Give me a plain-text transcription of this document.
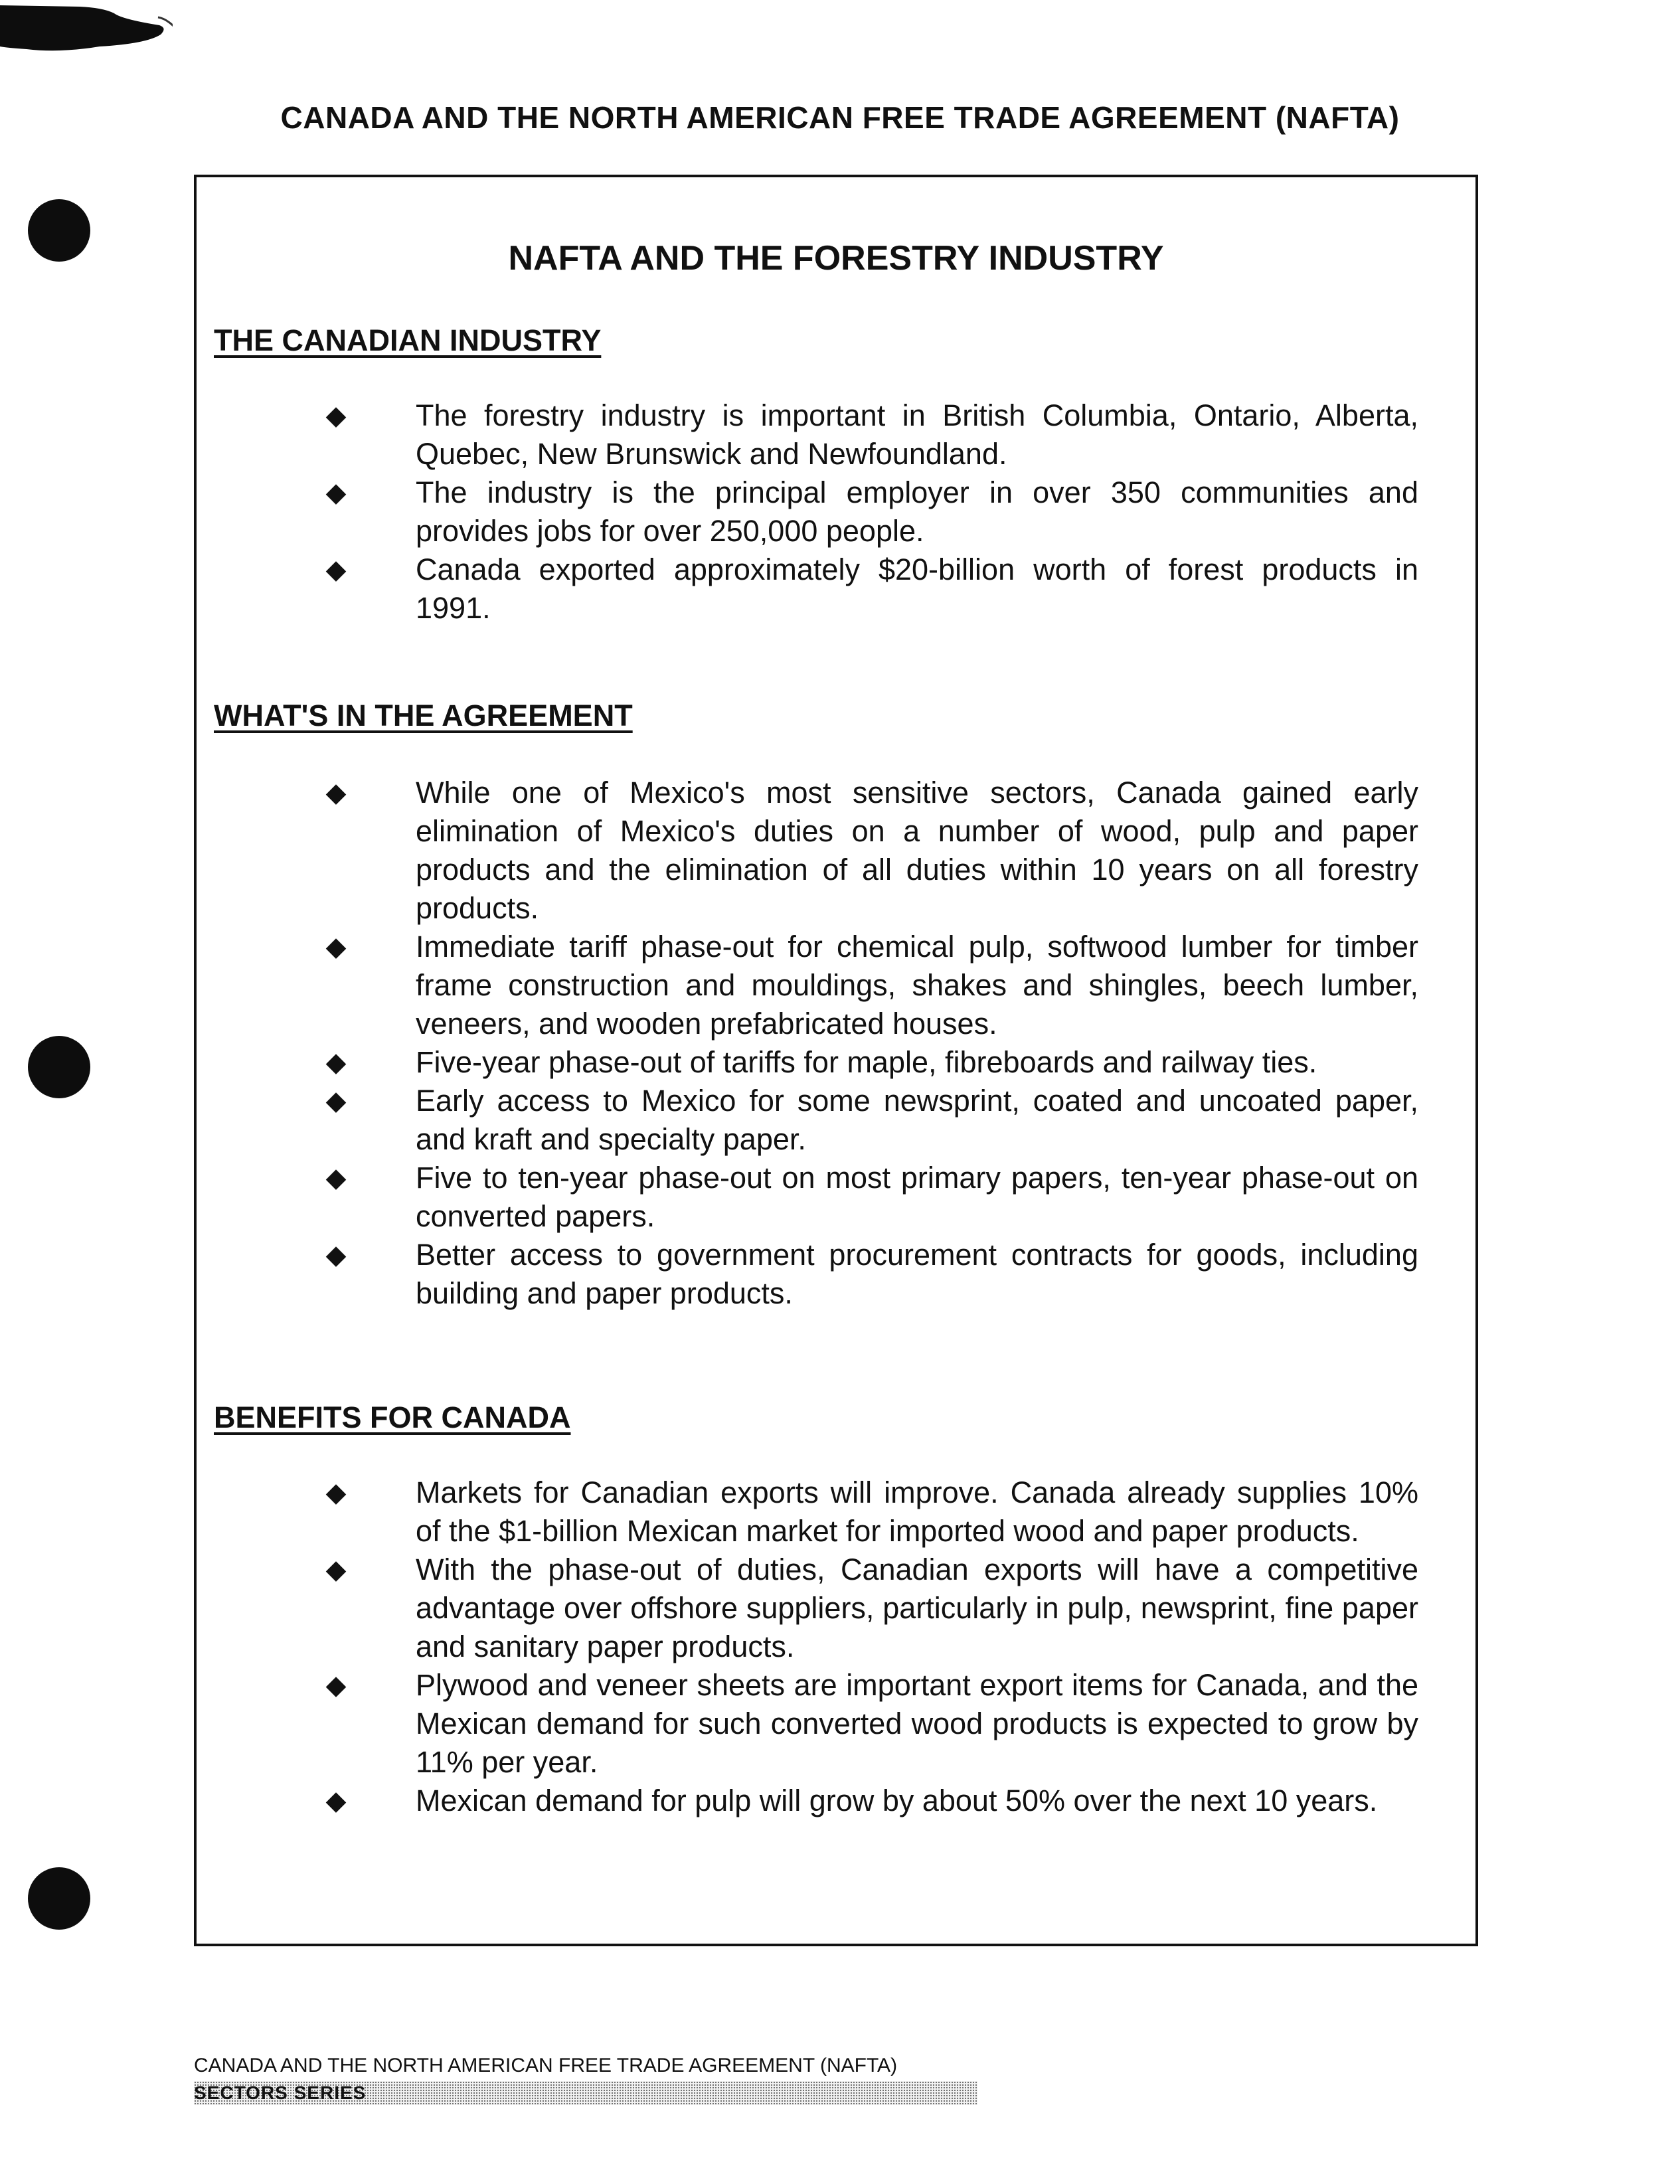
CANADA AND THE NORTH AMERICAN FREE TRADE AGREEMENT (NAFTA)
NAFTA AND THE FORESTRY INDUSTRY
THE CANADIAN INDUSTRY
◆ The forestry industry is important in British Columbia, Ontario, Alberta, Quebec, New Brunswick and Newfoundland.
◆ The industry is the principal employer in over 350 communities and provides jobs for over 250,000 people.
◆ Canada exported approximately $20-billion worth of forest products in 1991.
WHAT'S IN THE AGREEMENT
◆ While one of Mexico's most sensitive sectors, Canada gained early elimination of Mexico's duties on a number of wood, pulp and paper products and the elimination of all duties within 10 years on all forestry products.
◆ Immediate tariff phase-out for chemical pulp, softwood lumber for timber frame construction and mouldings, shakes and shingles, beech lumber, veneers, and wooden prefabricated houses.
◆ Five-year phase-out of tariffs for maple, fibreboards and railway ties.
◆ Early access to Mexico for some newsprint, coated and uncoated paper, and kraft and specialty paper.
◆ Five to ten-year phase-out on most primary papers, ten-year phase-out on converted papers.
◆ Better access to government procurement contracts for goods, including building and paper products.
BENEFITS FOR CANADA
◆ Markets for Canadian exports will improve. Canada already supplies 10% of the $1-billion Mexican market for imported wood and paper products.
◆ With the phase-out of duties, Canadian exports will have a competitive advantage over offshore suppliers, particularly in pulp, newsprint, fine paper and sanitary paper products.
◆ Plywood and veneer sheets are important export items for Canada, and the Mexican demand for such converted wood products is expected to grow by 11% per year.
◆ Mexican demand for pulp will grow by about 50% over the next 10 years.
CANADA AND THE NORTH AMERICAN FREE TRADE AGREEMENT (NAFTA)
SECTORS SERIES
